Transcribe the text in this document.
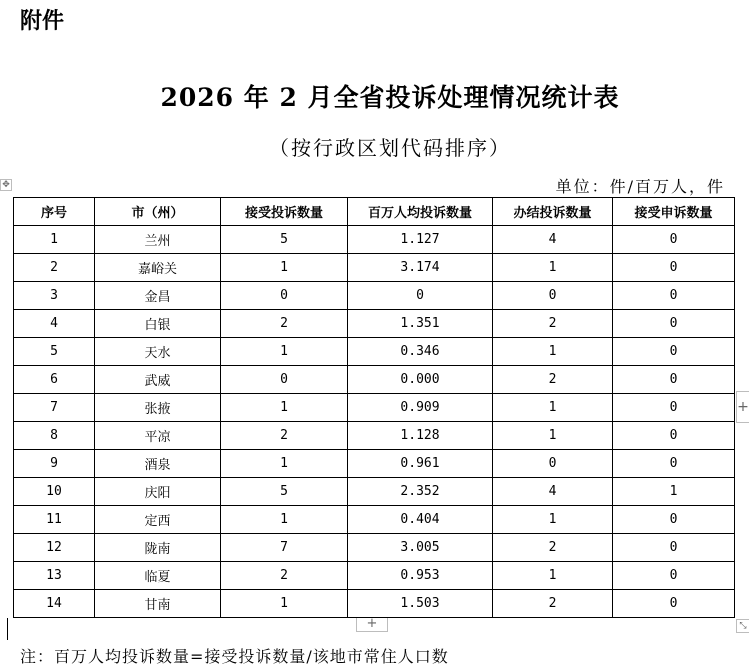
附件
2026 年 2 月全省投诉处理情况统计表
（按行政区划代码排序）
单位：件/百万人，件
✥
序号	市（州）	接受投诉数量	百万人均投诉数量	办结投诉数量	接受申诉数量
1	兰州	5	1.127	4	0
2	嘉峪关	1	3.174	1	0
3	金昌	0	0	0	0
4	白银	2	1.351	2	0
5	天水	1	0.346	1	0
6	武威	0	0.000	2	0
7	张掖	1	0.909	1	0
8	平凉	2	1.128	1	0
9	酒泉	1	0.961	0	0
10	庆阳	5	2.352	4	1
11	定西	1	0.404	1	0
12	陇南	7	3.005	2	0
13	临夏	2	0.953	1	0
14	甘南	1	1.503	2	0
+
+	⤡
注：百万人均投诉数量=接受投诉数量/该地市常住人口数
